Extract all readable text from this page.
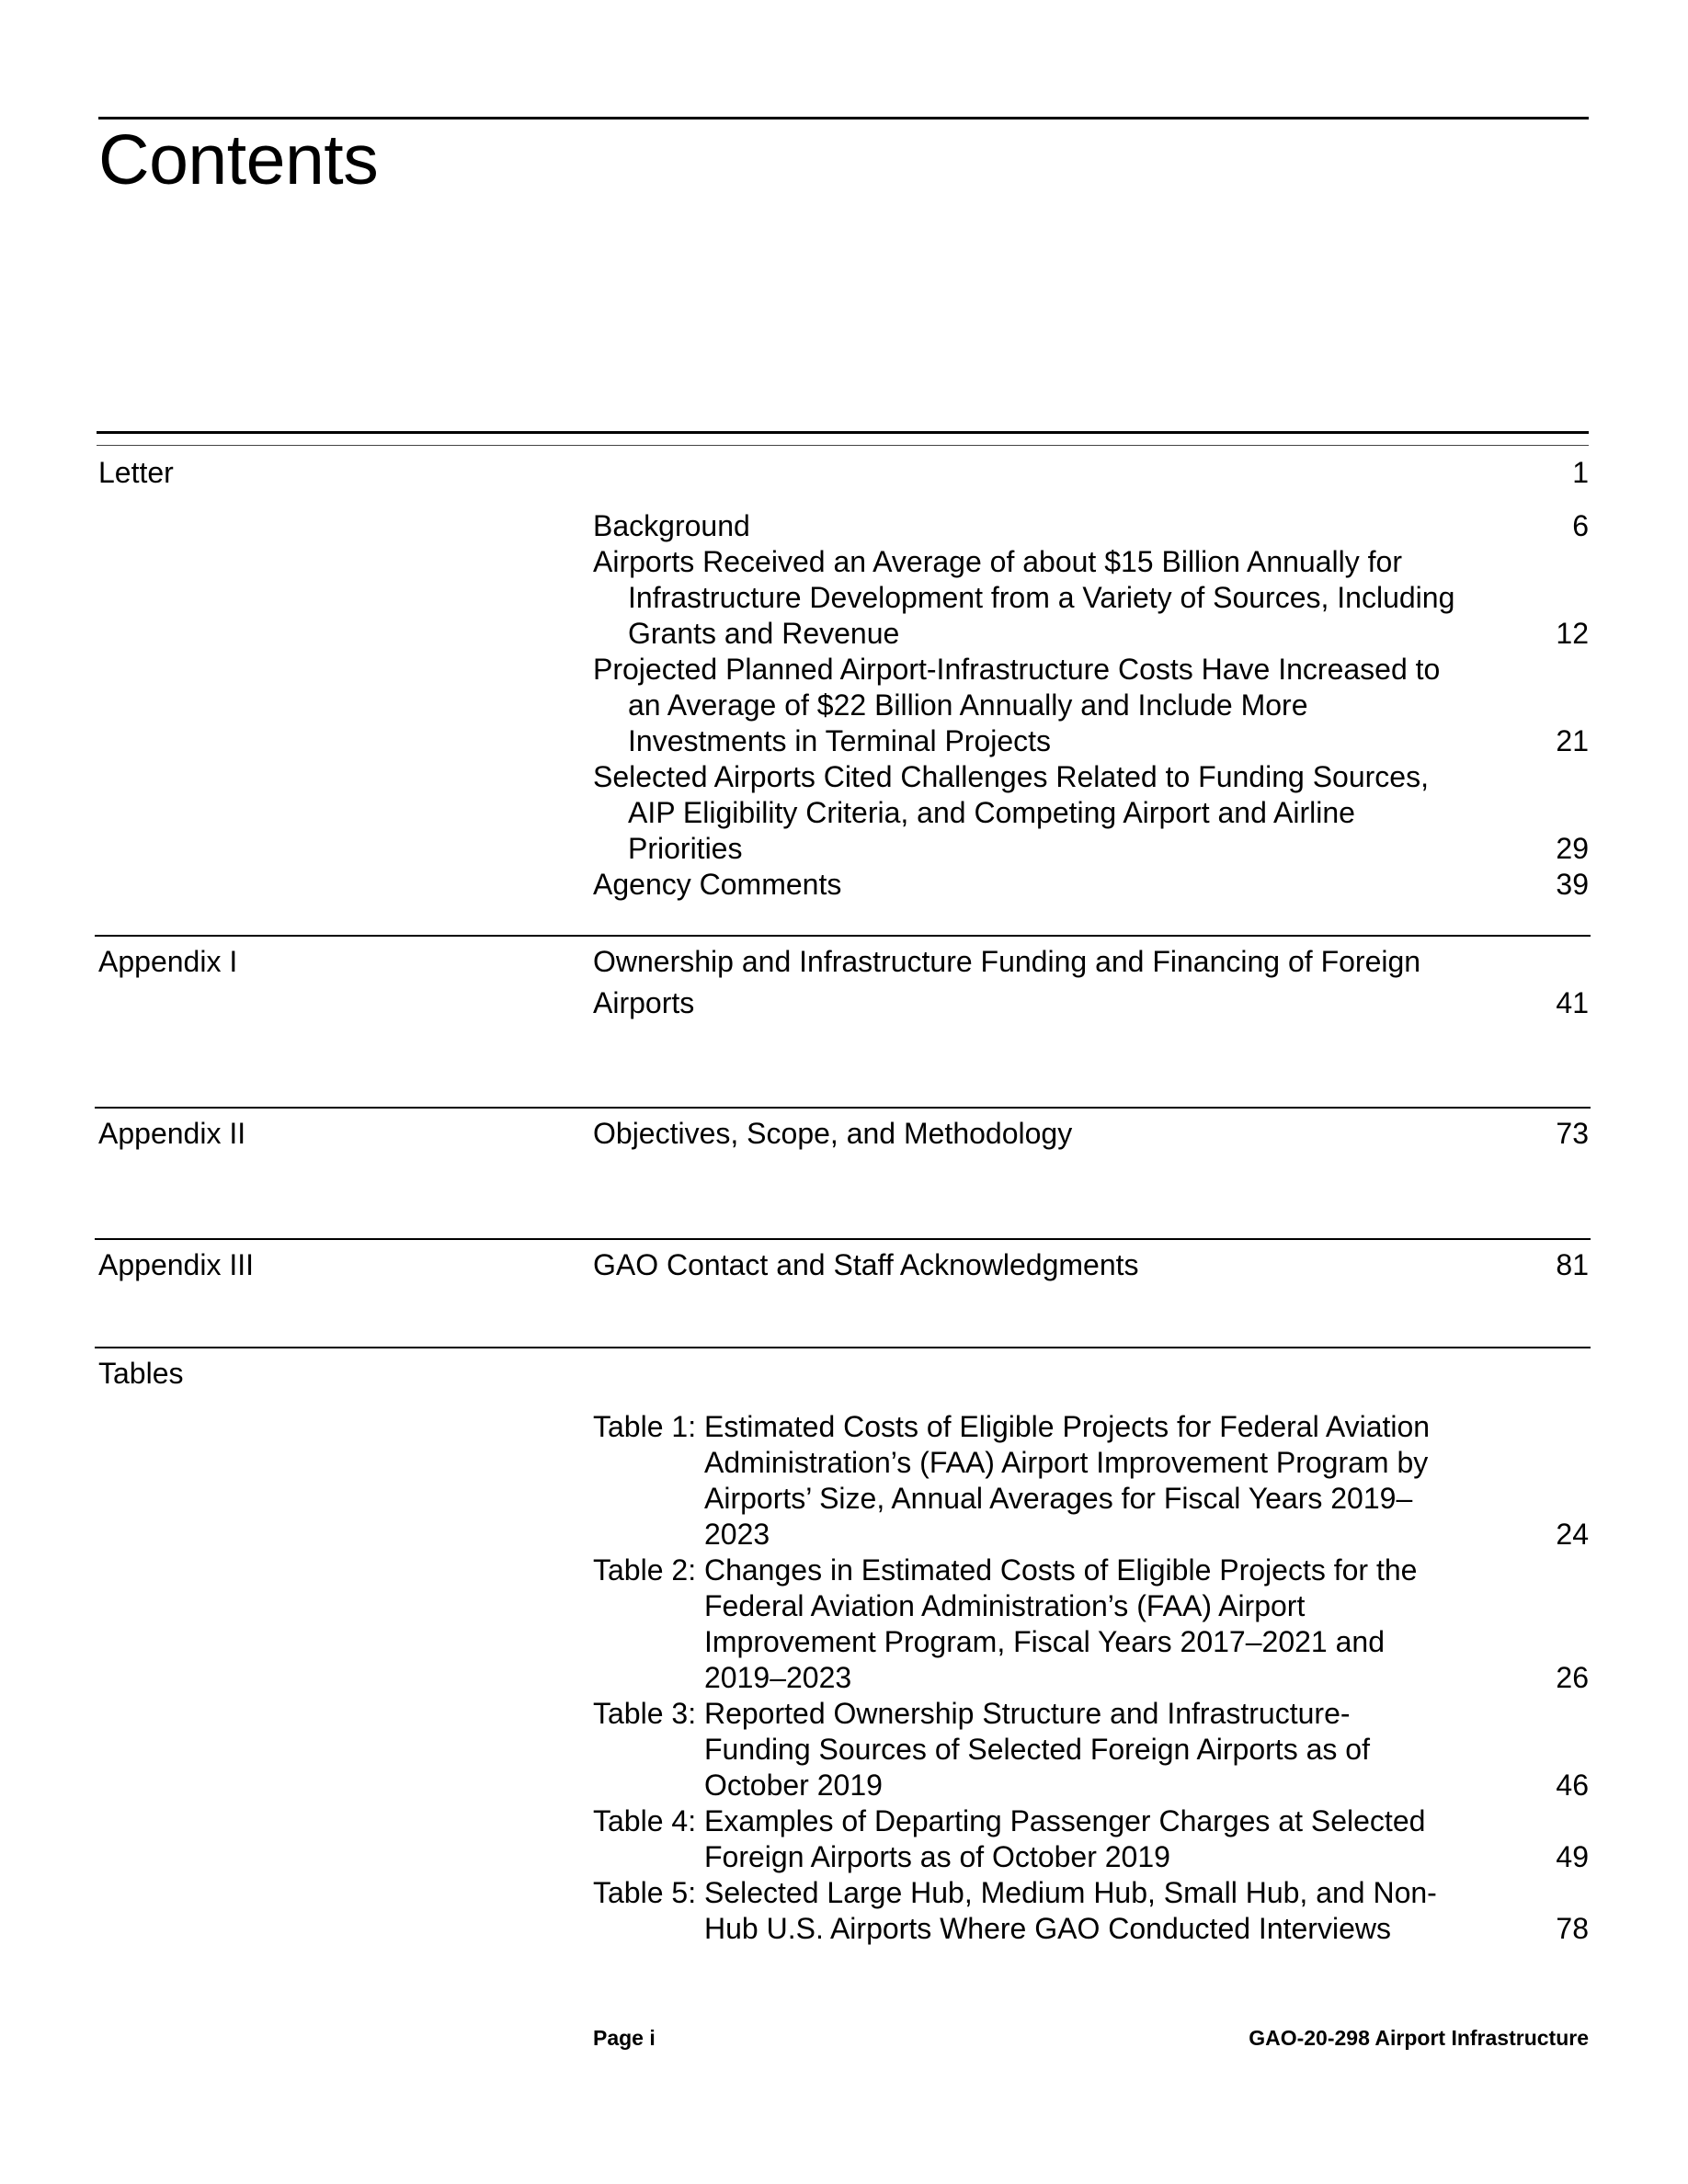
Contents
Letter	1
Background	6
Airports Received an Average of about $15 Billion Annually for
Infrastructure Development from a Variety of Sources, Including
Grants and Revenue	12
Projected Planned Airport-Infrastructure Costs Have Increased to
an Average of $22 Billion Annually and Include More
Investments in Terminal Projects	21
Selected Airports Cited Challenges Related to Funding Sources,
AIP Eligibility Criteria, and Competing Airport and Airline
Priorities	29
Agency Comments	39
Appendix I	Ownership and Infrastructure Funding and Financing of Foreign
Airports	41
Appendix II	Objectives, Scope, and Methodology	73
Appendix III	GAO Contact and Staff Acknowledgments	81
Tables
Table 1: Estimated Costs of Eligible Projects for Federal Aviation
Administration’s (FAA) Airport Improvement Program by
Airports’ Size, Annual Averages for Fiscal Years 2019–
2023	24
Table 2: Changes in Estimated Costs of Eligible Projects for the
Federal Aviation Administration’s (FAA) Airport
Improvement Program, Fiscal Years 2017–2021 and
2019–2023	26
Table 3: Reported Ownership Structure and Infrastructure-
Funding Sources of Selected Foreign Airports as of
October 2019	46
Table 4: Examples of Departing Passenger Charges at Selected
Foreign Airports as of October 2019	49
Table 5: Selected Large Hub, Medium Hub, Small Hub, and Non-
Hub U.S. Airports Where GAO Conducted Interviews	78
Page i	GAO-20-298 Airport Infrastructure
